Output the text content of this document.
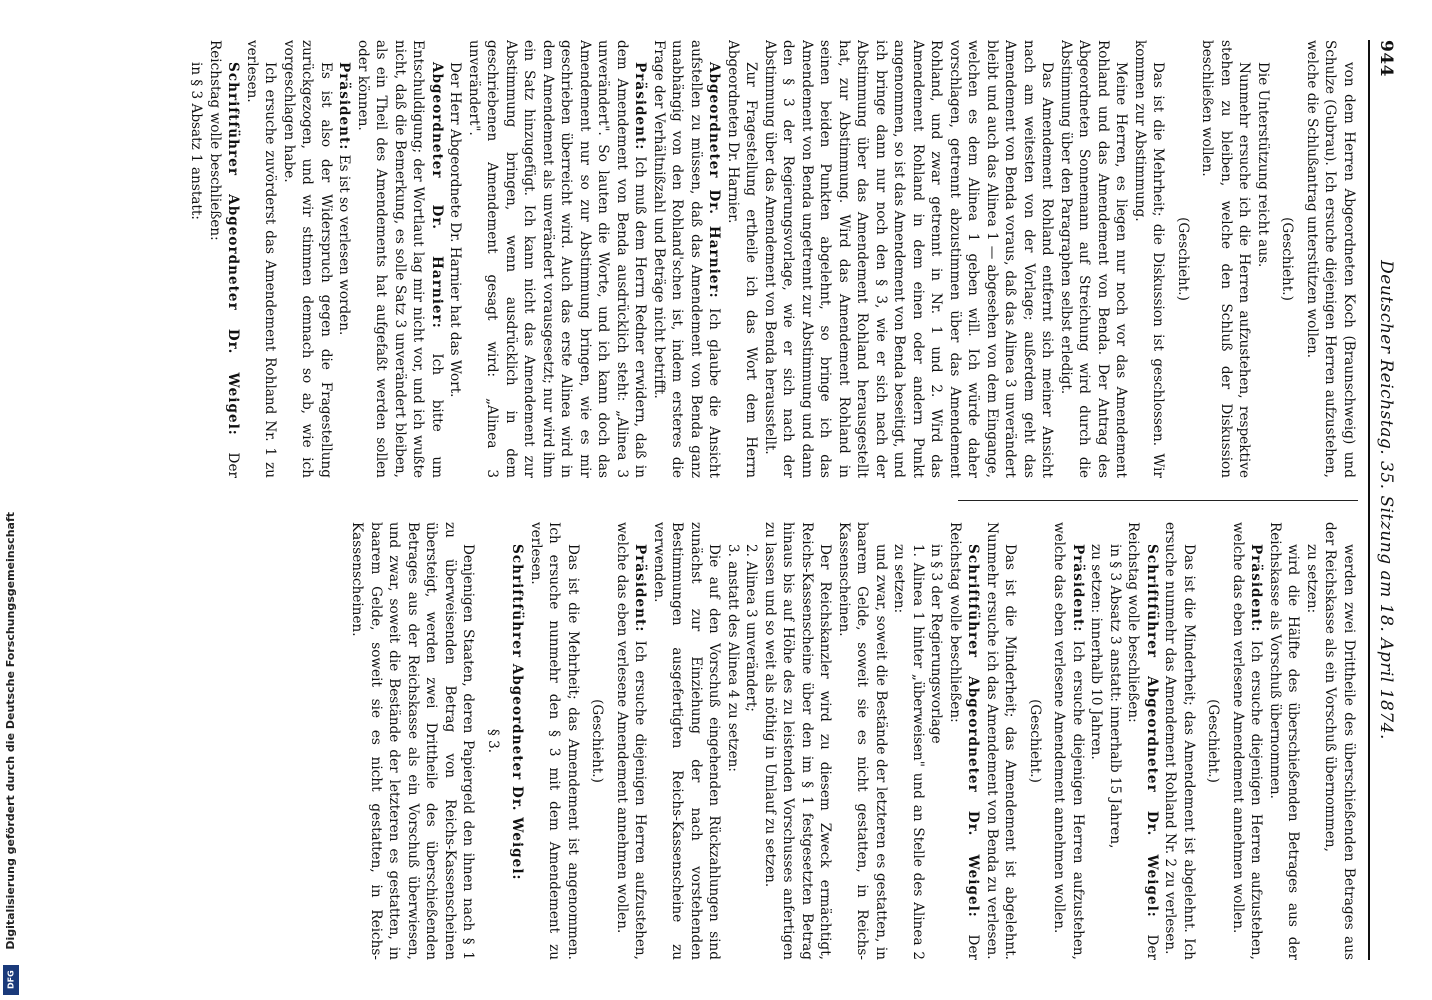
Digitalisierung gefördert durch die Deutsche Forschungsgemeinschaft
DFG
944
Deutscher Reichstag. 35. Sitzung am 18. April 1874.

von dem Herren Abgeordneten Koch (Braunschweig) und Schulze (Gubrau). Ich ersuche diejenigen Herren aufzustehen, welche die Schlußantrag unterstützen wollen.

(Geschieht.)

Die Unterstützung reicht aus.

Nunmehr ersuche ich die Herren aufzustehen, respektive stehen zu bleiben, welche den Schluß der Diskussion beschließen wollen.

(Geschieht.)

Das ist die Mehrheit; die Diskussion ist geschlossen. Wir kommen zur Abstimmung.

Meine Herren, es liegen nur noch vor das Amendement Rohland und das Amendement von Benda. Der Antrag des Abgeordneten Sonnemann auf Streichung wird durch die Abstimmung über den Paragraphen selbst erledigt.

Das Amendement Rohland entfernt sich meiner Ansicht nach am weitesten von der Vorlage; außerdem geht das Amendement von Benda voraus, daß das Alinea 3 unverändert bleibt und auch das Alinea 1 — abgesehen von dem Eingange, welchen es dem Alinea 1 geben will. Ich würde daher vorschlagen, getrennt abzustimmen über das Amendement Rohland, und zwar getrennt in Nr. 1 und 2. Wird das Amendement Rohland in dem einen oder andern Punkt angenommen, so ist das Amendement von Benda beseitigt, und ich bringe dann nur noch den § 3, wie er sich nach der Abstimmung über das Amendement Rohland herausgestellt hat, zur Abstimmung. Wird das Amendement Rohland in seinen beiden Punkten abgelehnt, so bringe ich das Amendement von Benda ungetrennt zur Abstimmung und dann den § 3 der Regierungsvorlage, wie er sich nach der Abstimmung über das Amendement von Benda herausstellt.

Zur Fragestellung ertheile ich das Wort dem Herrn Abgeordneten Dr. Harnier.

Abgeordneter Dr. Harnier: Ich glaube die Ansicht aufstellen zu müssen, daß das Amendement von Benda ganz unabhängig von den Rohland'schen ist, indem ersteres die Frage der Verhältnißzahl und Beträge nicht betrifft.

Präsident: Ich muß dem Herrn Redner erwidern, daß in dem Amendement von Benda ausdrücklich steht: „Alinea 3 unverändert". So lauten die Worte, und ich kann doch das Amendement nur so zur Abstimmung bringen, wie es mir geschrieben überreicht wird. Auch das erste Alinea wird in dem Amendement als unverändert vorausgesetzt; nur wird ihm ein Satz hinzugefügt. Ich kann nicht das Amendement zur Abstimmung bringen, wenn ausdrücklich in dem geschriebenen Amendement gesagt wird: „Alinea 3 unverändert".

Der Herr Abgeordnete Dr. Harnier hat das Wort.

Abgeordneter Dr. Harnier: Ich bitte um Entschuldigung; der Wortlaut lag mir nicht vor, und ich wußte nicht, daß die Bemerkung, es solle Satz 3 unverändert bleiben, als ein Theil des Amendements hat aufgefaßt werden sollen oder können.

Präsident: Es ist so verlesen worden.

Es ist also der Widerspruch gegen die Fragestellung zurückgezogen, und wir stimmen demnach so ab, wie ich vorgeschlagen habe.

Ich ersuche zuvörderst das Amendement Rohland Nr. 1 zu verlesen.

Schriftführer Abgeordneter Dr. Weigel: Der Reichstag wolle beschließen:

in § 3 Absatz 1 anstatt:

werden zwei Drittheile des überschießenden Betrages aus der Reichskasse als ein Vorschuß übernommen,

zu setzen:

wird die Hälfte des überschießenden Betrages aus der Reichskasse als Vorschuß übernommen.

Präsident: Ich ersuche diejenigen Herren aufzustehen, welche das eben verlesene Amendement annehmen wollen.

(Geschieht.)

Das ist die Minderheit; das Amendement ist abgelehnt. Ich ersuche nunmehr das Amendement Rohland Nr. 2 zu verlesen.

Schriftführer Abgeordneter Dr. Weigel: Der Reichstag wolle beschließen:

in § 3 Absatz 3 anstatt: innerhalb 15 Jahren,

zu setzen: innerhalb 10 Jahren.

Präsident: Ich ersuche diejenigen Herren aufzustehen, welche das eben verlesene Amendement annehmen wollen.

(Geschieht.)

Das ist die Minderheit; das Amendement ist abgelehnt. Nunmehr ersuche ich das Amendement von Benda zu verlesen.

Schriftführer Abgeordneter Dr. Weigel: Der Reichstag wolle beschließen:

in § 3 der Regierungsvorlage

1. Alinea 1 hinter „überweisen" und an Stelle des Alinea 2 zu setzen:

und zwar, soweit die Bestände der letzteren es gestatten, in baarem Gelde, soweit sie es nicht gestatten, in Reichs-Kassenscheinen.

Der Reichskanzler wird zu diesem Zweck ermächtigt, Reichs-Kassenscheine über den im § 1 festgesetzten Betrag hinaus bis auf Höhe des zu leistenden Vorschusses anfertigen zu lassen und so weit als nöthig in Umlauf zu setzen.

2. Alinea 3 unverändert;

3. anstatt des Alinea 4 zu setzen:

Die auf den Vorschuß eingehenden Rückzahlungen sind zunächst zur Einziehung der nach vorstehenden Bestimmungen ausgefertigten Reichs-Kassenscheine zu verwenden.

Präsident: Ich ersuche diejenigen Herren aufzustehen, welche das eben verlesene Amendement annehmen wollen.

(Geschieht.)

Das ist die Mehrheit; das Amendement ist angenommen. Ich ersuche nunmehr den § 3 mit dem Amendement zu verlesen.

Schriftführer Abgeordneter Dr. Weigel:

§ 3.

Denjenigen Staaten, deren Papiergeld den ihnen nach § 1 zu überweisenden Betrag von Reichs-Kassenscheinen übersteigt, werden zwei Drittheile des überschießenden Betrages aus der Reichskasse als ein Vorschuß überwiesen, und zwar, soweit die Bestände der letzteren es gestatten, in baarem Gelde, soweit sie es nicht gestatten, in Reichs-Kassenscheinen.
